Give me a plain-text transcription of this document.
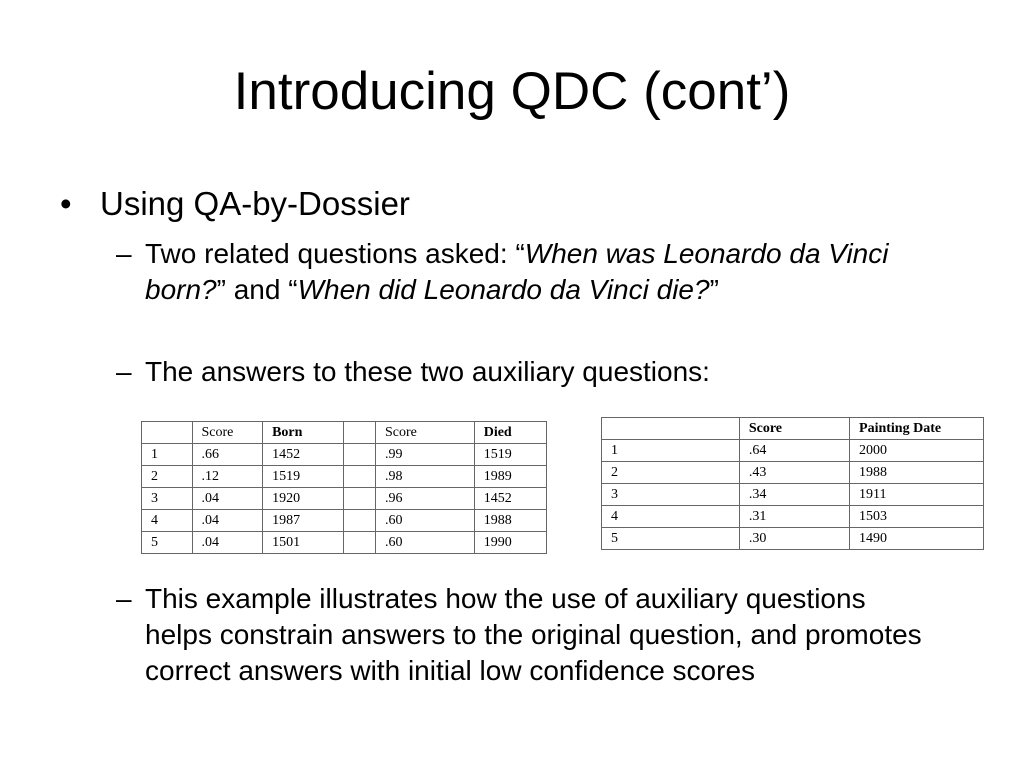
Introducing QDC (cont’)
• Using QA-by-Dossier
– Two related questions asked: “When was Leonardo da Vinci born?” and “When did Leonardo da Vinci die?”
– The answers to these two auxiliary questions:
	Score	Born		Score	Died
1	.66	1452		.99	1519
2	.12	1519		.98	1989
3	.04	1920		.96	1452
4	.04	1987		.60	1988
5	.04	1501		.60	1990
	Score	Painting Date
1	.64	2000
2	.43	1988
3	.34	1911
4	.31	1503
5	.30	1490
– This example illustrates how the use of auxiliary questions helps constrain answers to the original question, and promotes correct answers with initial low confidence scores
